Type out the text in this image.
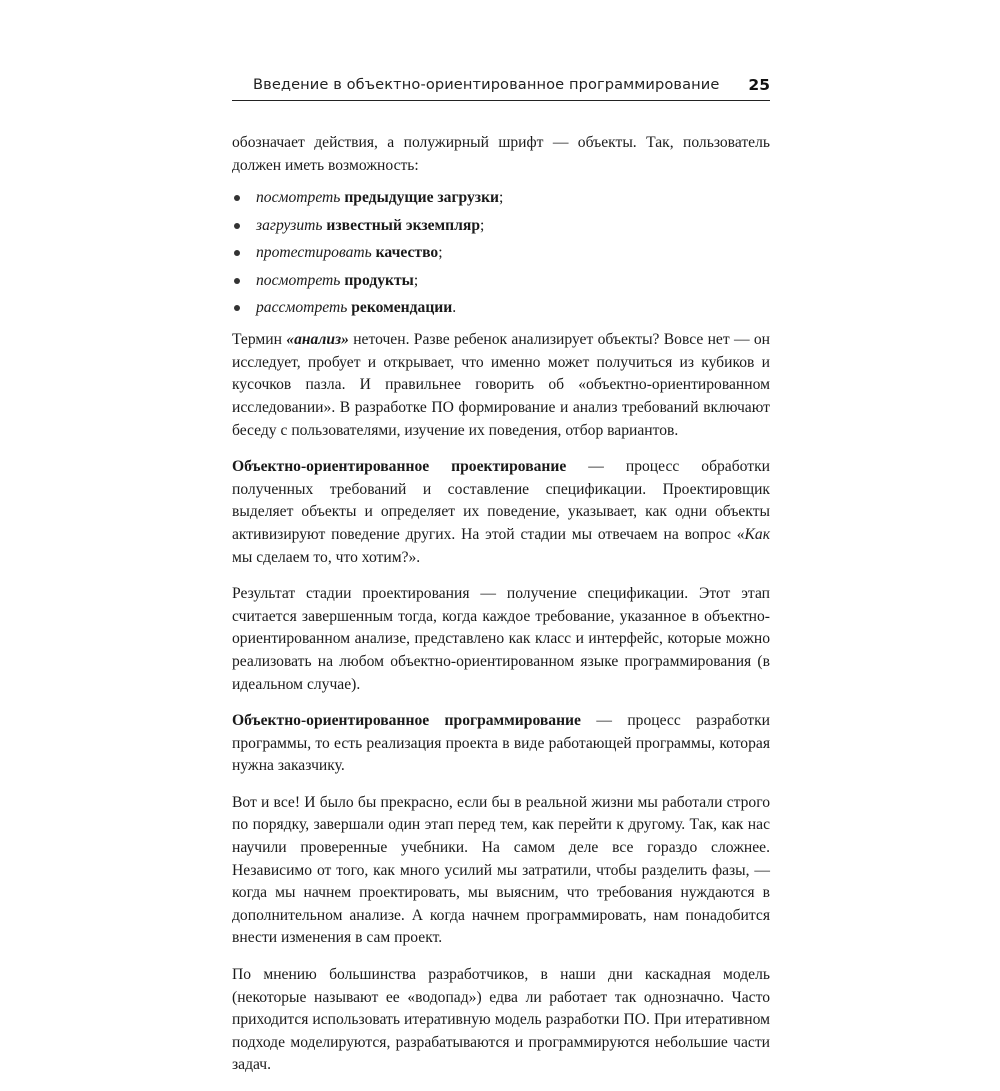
Введение в объектно-ориентированное программирование 25

обозначает действия, а полужирный шрифт — объекты. Так, пользователь должен иметь возможность:

посмотреть предыдущие загрузки;
загрузить известный экземпляр;
протестировать качество;
посмотреть продукты;
рассмотреть рекомендации.

Термин «анализ» неточен. Разве ребенок анализирует объекты? Вовсе нет — он исследует, пробует и открывает, что именно может получиться из кубиков и кусочков пазла. И правильнее говорить об «объектно-ориентированном исследовании». В разработке ПО формирование и анализ требований включают беседу с пользователями, изучение их поведения, отбор вариантов.

Объектно-ориентированное проектирование — процесс обработки полученных требований и составление спецификации. Проектировщик выделяет объекты и определяет их поведение, указывает, как одни объекты активизируют поведение других. На этой стадии мы отвечаем на вопрос «Как мы сделаем то, что хотим?».

Результат стадии проектирования — получение спецификации. Этот этап считается завершенным тогда, когда каждое требование, указанное в объектно-ориентированном анализе, представлено как класс и интерфейс, которые можно реализовать на любом объектно-ориентированном языке программирования (в идеальном случае).

Объектно-ориентированное программирование — процесс разработки программы, то есть реализация проекта в виде работающей программы, которая нужна заказчику.

Вот и все! И было бы прекрасно, если бы в реальной жизни мы работали строго по порядку, завершали один этап перед тем, как перейти к другому. Так, как нас научили проверенные учебники. На самом деле все гораздо сложнее. Независимо от того, как много усилий мы затратили, чтобы разделить фазы, — когда мы начнем проектировать, мы выясним, что требования нуждаются в дополнительном анализе. А когда начнем программировать, нам понадобится внести изменения в сам проект.

По мнению большинства разработчиков, в наши дни каскадная модель (некоторые называют ее «водопад») едва ли работает так однозначно. Часто приходится использовать итеративную модель разработки ПО. При итеративном подходе моделируются, разрабатываются и программируются небольшие части задач.
